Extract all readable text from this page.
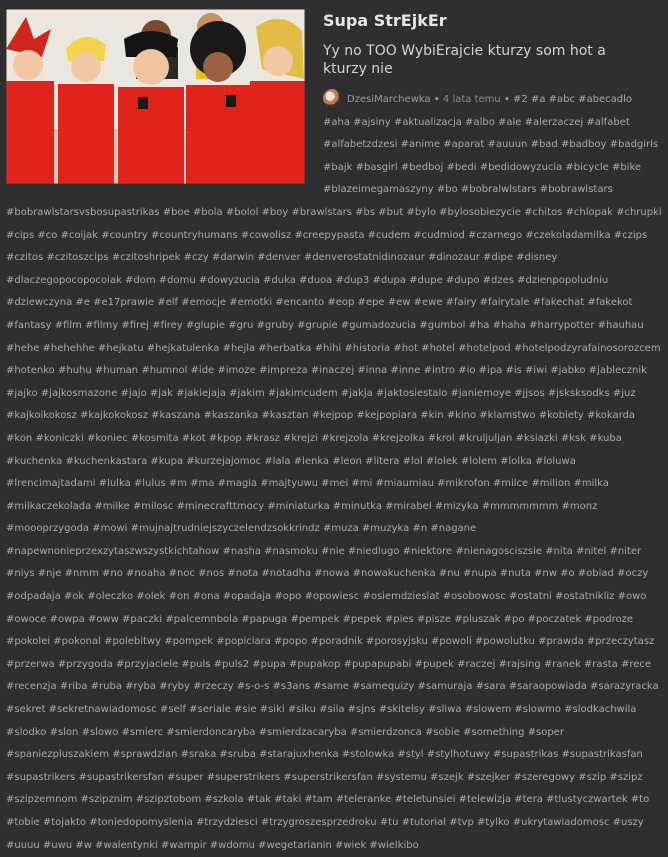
Supa StrEjkEr

Yy no TOO WybiErajcie kturzy som hot a kturzy nie

DzesiMarchewka • 4 lata temu • #2 #a #abc #abecadlo #aha #ajsiny #aktualizacja #albo #ale #alerzaczej #alfabet #alfabetzdzesi #anime #aparat #auuun #bad #badboy #badgirls #bajk #basgirl #bedboj #bedi #bedidowyzucia #bicycle #bike #blazeimegamaszyny #bo #bobralwlstars #bobrawlstars #bobrawlstarsvsbosupastrikas #boe #bola #bolol #boy #brawlstars #bs #but #bylo #bylosobiezycie #chitos #chlopak #chrupki #cips #co #coijak #country #countryhumans #cowolisz #creepypasta #cudem #cudmiod #czarnego #czekoladamilka #czips #czitos #czitoszcips #czitoshripek #czy #darwin #denver #denverostatnidinozaur #dinozaur #dipe #disney #dlaczegopocopocoiak #dom #domu #dowyzucia #duka #duoa #dup3 #dupa #dupe #dupo #dzes #dzienpopoludniu #dziewczyna #e #e17prawie #elf #emocje #emotki #encanto #eop #epe #ew #ewe #fairy #fairytale #fakechat #fakekot #fantasy #film #filmy #firej #firey #glupie #gru #gruby #grupie #gumadozucia #gumbol #ha #haha #harrypotter #hauhau #hehe #hehehhe #hejkatu #hejkatulenka #hejla #herbatka #hihi #historia #hot #hotel #hotelpod #hotelpodzyrafainosorozcem #hotenko #huhu #human #humnol #ide #imoze #impreza #inaczej #inna #inne #intro #io #ipa #is #iwi #jabko #jablecznik #jajko #jajkosmazone #jajo #jak #jakiejaja #jakim #jakimcudem #jakja #jaktosiestalo #janiemoye #jjsos #jsksksodks #juz #kajkoikokosz #kajkokokosz #kaszana #kaszanka #kasztan #kejpop #kejpopiara #kin #kino #klamstwo #kobiety #kokarda #kon #koniczki #koniec #kosmita #kot #kpop #krasz #krejzi #krejzola #krejzolka #krol #kruljuljan #ksiazki #ksk #kuba #kuchenka #kuchenkastara #kupa #kurzejajomoc #lala #lenka #leon #litera #lol #lolek #lolem #lolka #loluwa #lrencimajtadami #lulka #lulus #m #ma #magia #majtyuwu #mei #mi #miaumiau #mikrofon #milce #milion #milka #milkaczekolada #milke #milosc #minecrafttmocy #miniaturka #minutka #mirabel #mizyka #mmmmmmm #monz #moooprzygoda #mowi #mujnajtrudniejszyczelendzsokkrindz #muza #muzyka #n #nagane #napewnonieprzexzytaszwszystkichtahow #nasha #nasmoku #nie #niedlugo #niektore #nienagosciszsie #nita #nitel #niter #niys #nje #nmm #no #noaha #noc #nos #nota #notadha #nowa #nowakuchenka #nu #nupa #nuta #nw #o #obiad #oczy #odpadaja #ok #oleczko #olek #on #ona #opadaja #opo #opowiesc #osiemdziesiat #osobowosc #ostatni #ostatnikliz #owo #owoce #owpa #oww #paczki #palcemnbola #papuga #pempek #pepek #pies #pisze #pluszak #po #poczatek #podroze #pokolei #pokonal #polebitwy #pompek #popiciara #popo #poradnik #porosyjsku #powoli #powolutku #prawda #przeczytasz #przerwa #przygoda #przyjaciele #puls #puls2 #pupa #pupakop #pupapupabi #pupek #raczej #rajsing #ranek #rasta #rece #recenzja #riba #ruba #ryba #ryby #rzeczy #s-o-s #s3ans #same #samequizy #samuraja #sara #saraopowiada #sarazyracka #sekret #sekretnawiadomosc #self #seriale #sie #siki #siku #sila #sjns #skitelsy #sliwa #slowem #slowmo #slodkachwila #slodko #slon #slowo #smierc #smierdoncaryba #smierdzacaryba #smierdzonca #sobie #something #soper #spaniezpluszakiem #sprawdzian #sraka #sruba #starajuxhenka #stolowka #styl #stylhotuwy #supastrikas #supastrikasfan #supastrikers #supastrikersfan #super #superstrikers #superstrikersfan #systemu #szejk #szejker #szeregowy #szip #szipz #szipzemnom #szipznim #szipztobom #szkola #tak #taki #tam #teleranke #teletunsiei #telewizja #tera #tlustyczwartek #to #tobie #tojakto #toniedopomyslenia #trzydziesci #trzygroszesprzedroku #tu #tutorial #tvp #tylko #ukrytawiadomosc #uszy #uuuu #uwu #w #walentynki #wampir #wdomu #wegetarianin #wiek #wielkibo
